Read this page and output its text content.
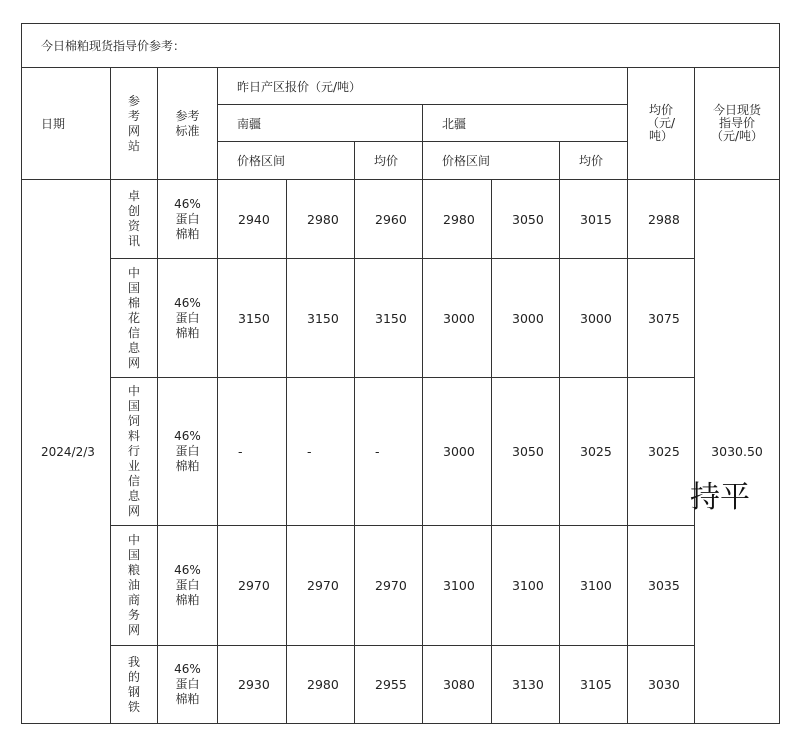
今日棉粕现货指导价参考：										
日期	参考网站	参考标准	昨日产区报价（元/吨）						均价（元/吨）	今日现货指导价（元/吨）

			南疆			北疆				
			价格区间		均价	价格区间		均价		
2024/2/3	卓创资讯	46%蛋白棉粕	2940	2980	2960	2980	3050	3015	2988	3030.50

	中国棉花信息网	46%蛋白棉粕	3150	3150	3150	3000	3000	3000	3075	

	中国饲料行业信息网	46%蛋白棉粕	-	-	-	3000	3050	3025	3025	

	中国粮油商务网	46%蛋白棉粕	2970	2970	2970	3100	3100	3100	3035	

	我的钢铁	46%蛋白棉粕	2930	2980	2955	3080	3130	3105	3030	
持平
